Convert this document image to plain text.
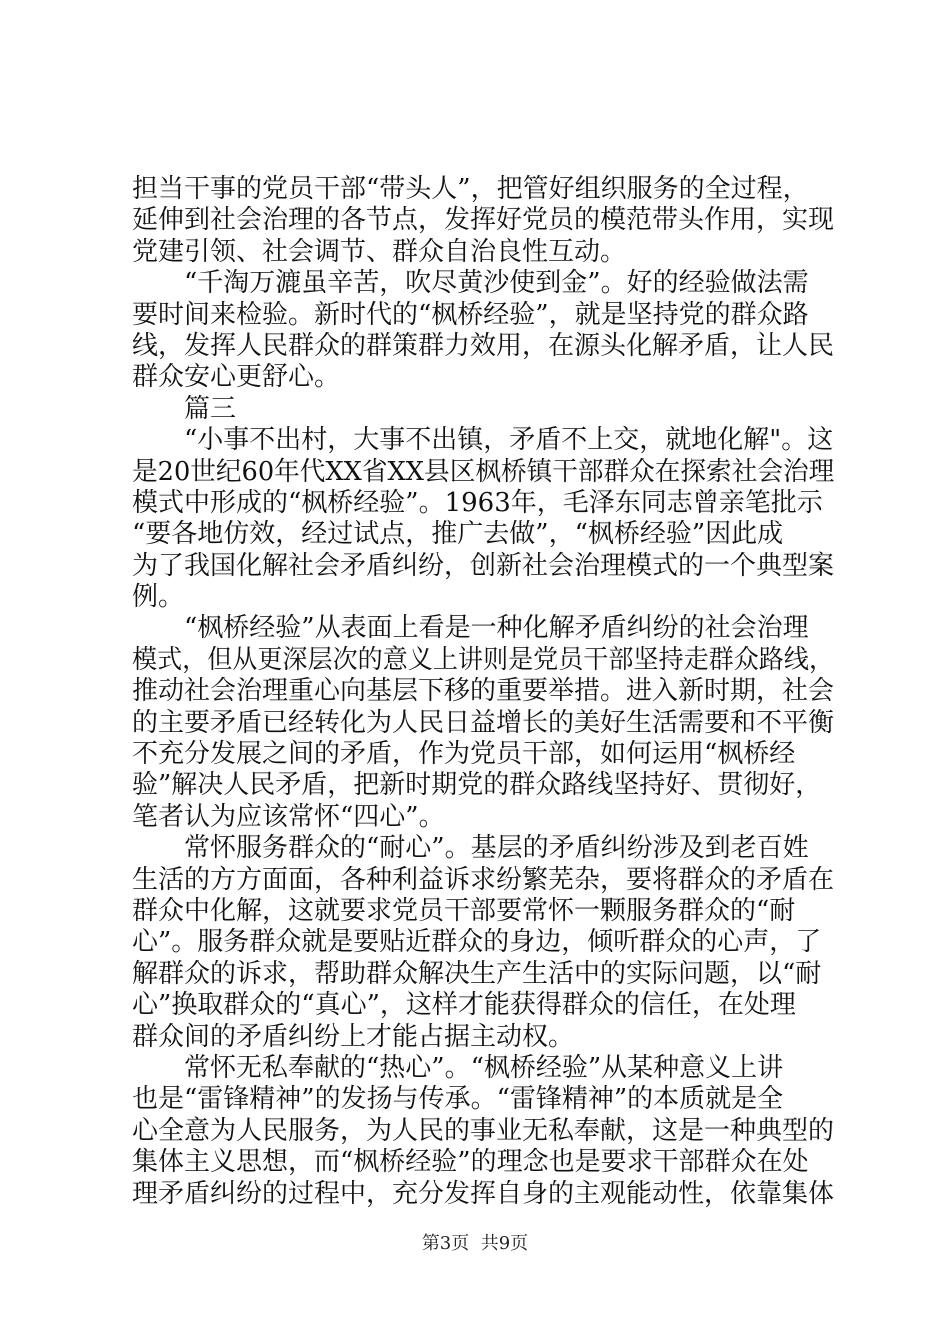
担当干事的党员干部“带头人”，把管好组织服务的全过程，
延伸到社会治理的各节点，发挥好党员的模范带头作用，实现
党建引领、社会调节、群众自治良性互动。
　　“千淘万漉虽辛苦，吹尽黄沙使到金”。好的经验做法需
要时间来检验。新时代的“枫桥经验”，就是坚持党的群众路
线，发挥人民群众的群策群力效用，在源头化解矛盾，让人民
群众安心更舒心。
　　篇三
　　“小事不出村，大事不出镇，矛盾不上交，就地化解"。这
是20世纪60年代XX省XX县区枫桥镇干部群众在探索社会治理
模式中形成的“枫桥经验”。1963年，毛泽东同志曾亲笔批示
“要各地仿效，经过试点，推广去做”，“枫桥经验”因此成
为了我国化解社会矛盾纠纷，创新社会治理模式的一个典型案
例。
　　“枫桥经验”从表面上看是一种化解矛盾纠纷的社会治理
模式，但从更深层次的意义上讲则是党员干部坚持走群众路线，
推动社会治理重心向基层下移的重要举措。进入新时期，社会
的主要矛盾已经转化为人民日益增长的美好生活需要和不平衡
不充分发展之间的矛盾，作为党员干部，如何运用“枫桥经
验”解决人民矛盾，把新时期党的群众路线坚持好、贯彻好，
笔者认为应该常怀“四心”。
　　常怀服务群众的“耐心”。基层的矛盾纠纷涉及到老百姓
生活的方方面面，各种利益诉求纷繁芜杂，要将群众的矛盾在
群众中化解，这就要求党员干部要常怀一颗服务群众的“耐
心”。服务群众就是要贴近群众的身边，倾听群众的心声，了
解群众的诉求，帮助群众解决生产生活中的实际问题，以“耐
心”换取群众的“真心”，这样才能获得群众的信任，在处理
群众间的矛盾纠纷上才能占据主动权。
　　常怀无私奉献的“热心”。“枫桥经验”从某种意义上讲
也是“雷锋精神”的发扬与传承。“雷锋精神”的本质就是全
心全意为人民服务，为人民的事业无私奉献，这是一种典型的
集体主义思想，而“枫桥经验”的理念也是要求干部群众在处
理矛盾纠纷的过程中，充分发挥自身的主观能动性，依靠集体
第3页  共9页
